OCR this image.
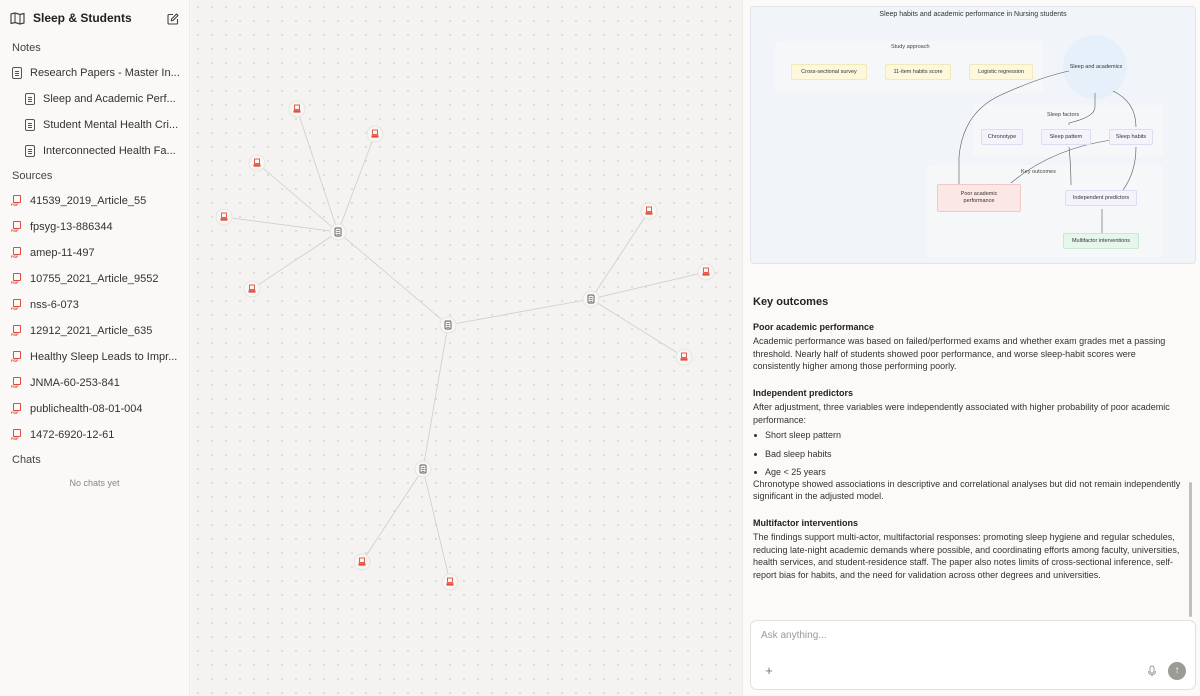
Sleep & Students
Notes
Research Papers - Master In...
Sleep and Academic Perf...
Student Mental Health Cri...
Interconnected Health Fa...
Sources
PDF
41539_2019_Article_55
PDF
fpsyg-13-886344
PDF
amep-11-497
PDF
10755_2021_Article_9552
PDF
nss-6-073
PDF
12912_2021_Article_635
PDF
Healthy Sleep Leads to Impr...
PDF
JNMA-60-253-841
PDF
publichealth-08-01-004
PDF
1472-6920-12-61
Chats
No chats yet
Sleep habits and academic performance in Nursing students
Study approach
Cross-sectional survey	11-item habits score	Logistic regression
Sleep and academics
Sleep factors
Chronotype	Sleep pattern	Sleep habits
Key outcomes
Poor academic performance
Independent predictors
Multifactor interventions
Key outcomes
Poor academic performance

Academic performance was based on failed/performed exams and whether exam grades met a passing threshold. Nearly half of students showed poor performance, and worse sleep-habit scores were consistently higher among those performing poorly.

Independent predictors

After adjustment, three variables were independently associated with higher probability of poor academic performance:

Short sleep pattern
Bad sleep habits
Age < 25 years

Chronotype showed associations in descriptive and correlational analyses but did not remain independently significant in the adjusted model.

Multifactor interventions

The findings support multi-actor, multifactorial responses: promoting sleep hygiene and regular schedules, reducing late-night academic demands where possible, and coordinating efforts among faculty, universities, health services, and student-residence staff. The paper also notes limits of cross-sectional inference, self-report bias for habits, and the need for validation across other degrees and universities.

Ask anything...
+	↑
